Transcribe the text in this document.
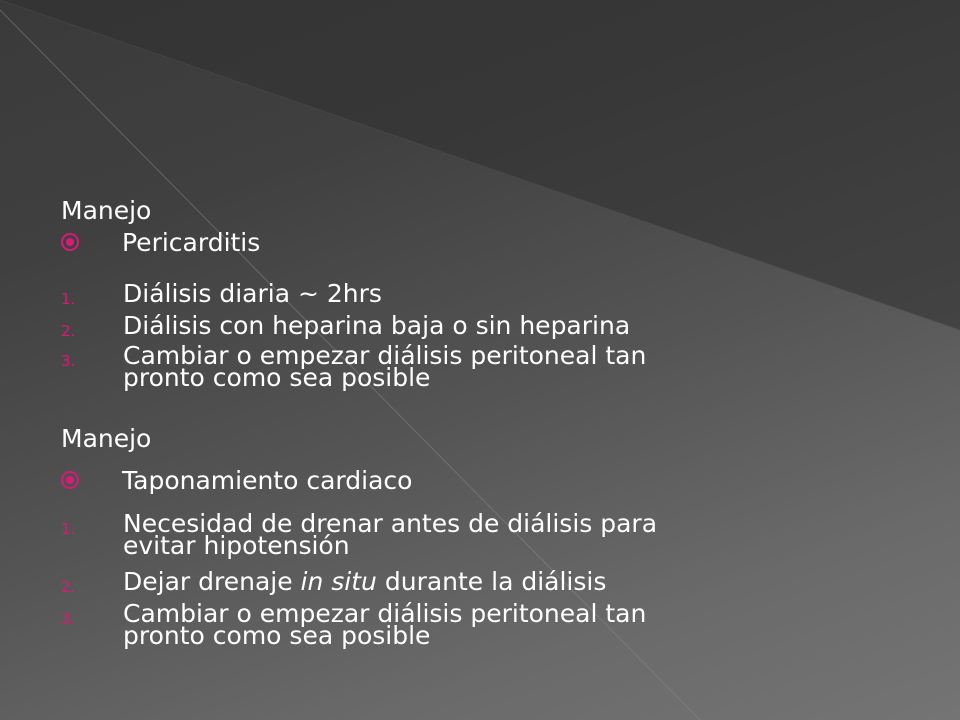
Manejo
Pericarditis
1.	Diálisis diaria ~ 2hrs
2.	Diálisis con heparina baja o sin heparina
3.	Cambiar o empezar diálisis peritoneal tan
pronto como sea posible
Manejo
Taponamiento cardiaco
1.	Necesidad de drenar antes de diálisis para
evitar hipotensión
2.	Dejar drenaje in situ durante la diálisis
3.	Cambiar o empezar diálisis peritoneal tan
pronto como sea posible
